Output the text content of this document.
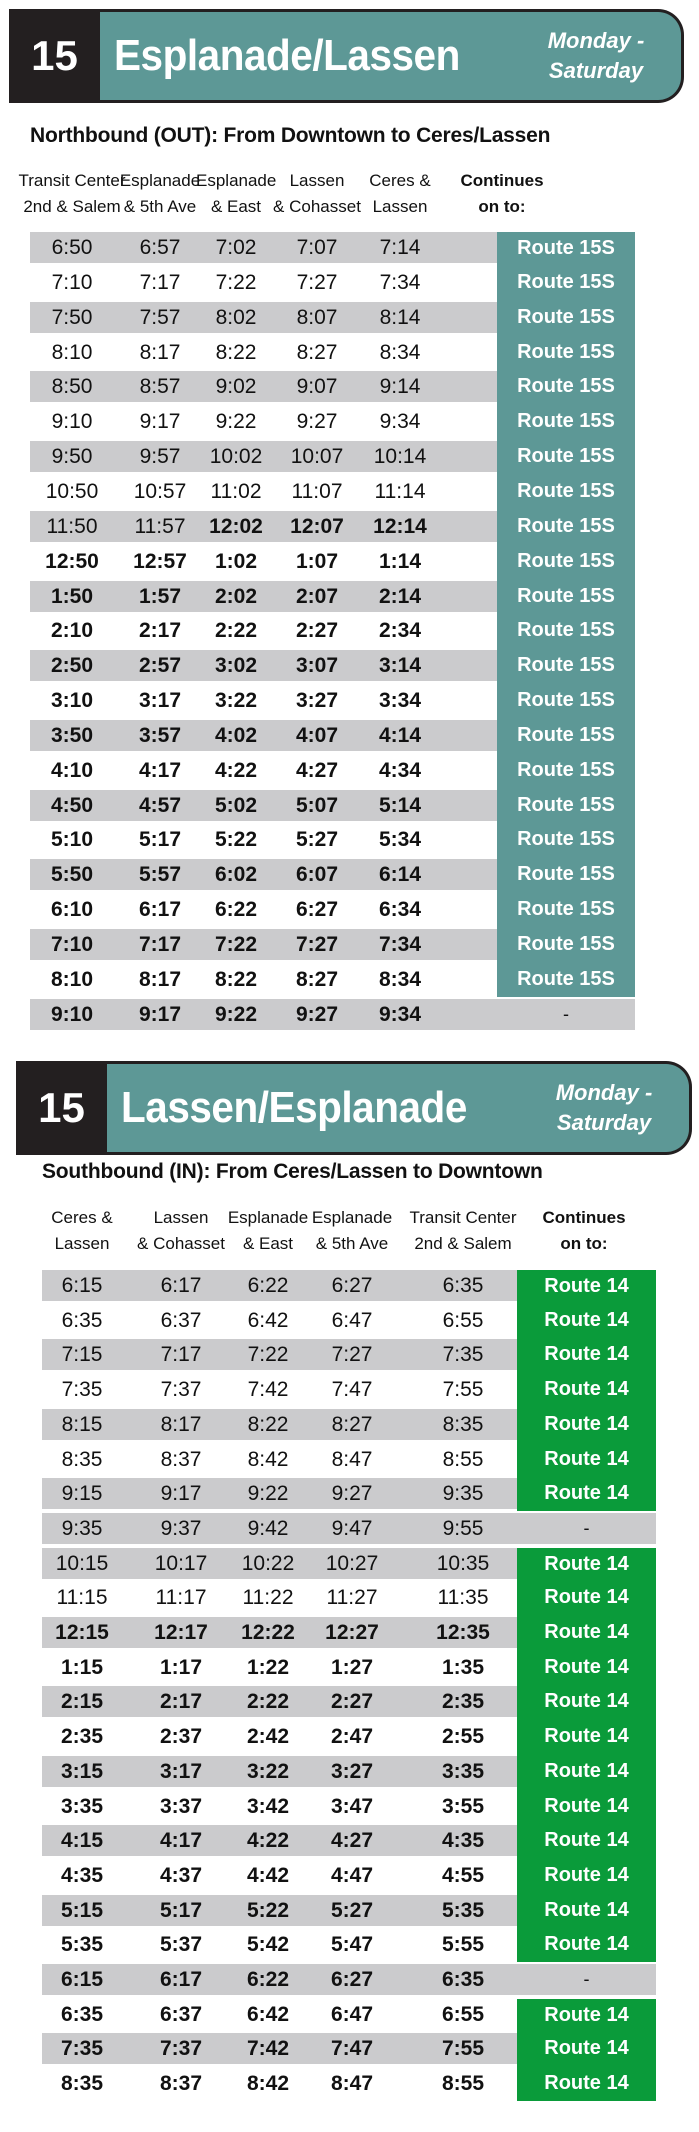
15 Esplanade/Lassen	Monday -
Saturday
Northbound (OUT): From Downtown to Ceres/Lassen
Transit Center
2nd & Salem
Esplanade
& 5th Ave
Esplanade
& East
Lassen
& Cohasset
Ceres &
Lassen
Continues
on to:
6:50	6:57	7:02	7:07	7:14	Route 15S
7:10	7:17	7:22	7:27	7:34	Route 15S
7:50	7:57	8:02	8:07	8:14	Route 15S
8:10	8:17	8:22	8:27	8:34	Route 15S
8:50	8:57	9:02	9:07	9:14	Route 15S
9:10	9:17	9:22	9:27	9:34	Route 15S
9:50	9:57	10:02	10:07	10:14	Route 15S
10:50	10:57	11:02	11:07	11:14	Route 15S
11:50	11:57	12:02	12:07	12:14	Route 15S
12:50	12:57	1:02	1:07	1:14	Route 15S
1:50	1:57	2:02	2:07	2:14	Route 15S
2:10	2:17	2:22	2:27	2:34	Route 15S
2:50	2:57	3:02	3:07	3:14	Route 15S
3:10	3:17	3:22	3:27	3:34	Route 15S
3:50	3:57	4:02	4:07	4:14	Route 15S
4:10	4:17	4:22	4:27	4:34	Route 15S
4:50	4:57	5:02	5:07	5:14	Route 15S
5:10	5:17	5:22	5:27	5:34	Route 15S
5:50	5:57	6:02	6:07	6:14	Route 15S
6:10	6:17	6:22	6:27	6:34	Route 15S
7:10	7:17	7:22	7:27	7:34	Route 15S
8:10	8:17	8:22	8:27	8:34	Route 15S
9:10	9:17	9:22	9:27	9:34	-
15 Lassen/Esplanade	Monday -
Saturday
Southbound (IN): From Ceres/Lassen to Downtown
Ceres &
Lassen
Lassen
& Cohasset
Esplanade
& East
Esplanade
& 5th Ave
Transit Center
2nd & Salem
Continues
on to:
6:15	6:17	6:22	6:27	6:35	Route 14
6:35	6:37	6:42	6:47	6:55	Route 14
7:15	7:17	7:22	7:27	7:35	Route 14
7:35	7:37	7:42	7:47	7:55	Route 14
8:15	8:17	8:22	8:27	8:35	Route 14
8:35	8:37	8:42	8:47	8:55	Route 14
9:15	9:17	9:22	9:27	9:35	Route 14
9:35	9:37	9:42	9:47	9:55	-
10:15	10:17	10:22	10:27	10:35	Route 14
11:15	11:17	11:22	11:27	11:35	Route 14
12:15	12:17	12:22	12:27	12:35	Route 14
1:15	1:17	1:22	1:27	1:35	Route 14
2:15	2:17	2:22	2:27	2:35	Route 14
2:35	2:37	2:42	2:47	2:55	Route 14
3:15	3:17	3:22	3:27	3:35	Route 14
3:35	3:37	3:42	3:47	3:55	Route 14
4:15	4:17	4:22	4:27	4:35	Route 14
4:35	4:37	4:42	4:47	4:55	Route 14
5:15	5:17	5:22	5:27	5:35	Route 14
5:35	5:37	5:42	5:47	5:55	Route 14
6:15	6:17	6:22	6:27	6:35	-
6:35	6:37	6:42	6:47	6:55	Route 14
7:35	7:37	7:42	7:47	7:55	Route 14
8:35	8:37	8:42	8:47	8:55	Route 14
